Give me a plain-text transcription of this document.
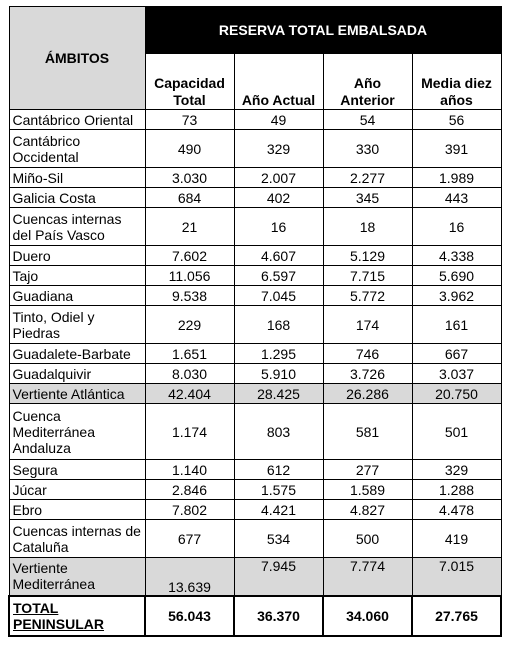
ÁMBITOS	RESERVA TOTAL EMBALSADA			
	Capacidad Total	Año Actual	Año Anterior	Media diez años
Cantábrico Oriental	73	49	54	56
Cantábrico Occidental	490	329	330	391
Miño-Sil	3.030	2.007	2.277	1.989
Galicia Costa	684	402	345	443
Cuencas internas del País Vasco	21	16	18	16
Duero	7.602	4.607	5.129	4.338
Tajo	11.056	6.597	7.715	5.690
Guadiana	9.538	7.045	5.772	3.962
Tinto, Odiel y Piedras	229	168	174	161
Guadalete-Barbate	1.651	1.295	746	667
Guadalquivir	8.030	5.910	3.726	3.037
Vertiente Atlántica	42.404	28.425	26.286	20.750
Cuenca Mediterránea Andaluza	1.174	803	581	501
Segura	1.140	612	277	329
Júcar	2.846	1.575	1.589	1.288
Ebro	7.802	4.421	4.827	4.478
Cuencas internas de Cataluña	677	534	500	419
Vertiente Mediterránea	13.639	7.945	7.774	7.015
TOTAL PENINSULAR	56.043	36.370	34.060	27.765
